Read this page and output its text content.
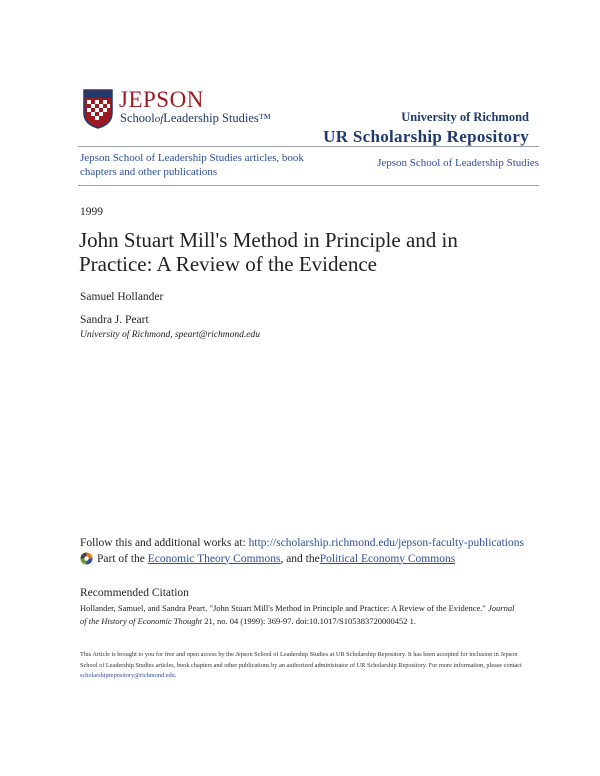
JEPSON
SchoolofLeadership Studies™	University of Richmond
UR Scholarship Repository
Jepson School of Leadership Studies articles, book chapters and other publications
Jepson School of Leadership Studies
1999
John Stuart Mill's Method in Principle and in Practice: A Review of the Evidence
Samuel Hollander
Sandra J. Peart
University of Richmond, speart@richmond.edu
Follow this and additional works at: http://scholarship.richmond.edu/jepson-faculty-publications
Part of the
Economic Theory Commons , and the Political Economy Commons
Recommended Citation
Hollander, Samuel, and Sandra Peart. "John Stuart Mill's Method in Principle and Practice: A Review of the Evidence." Journal of the History of Economic Thought 21, no. 04 (1999): 369-97. doi:10.1017/S105383720000452 1.
This Article is brought to you for free and open access by the Jepson School of Leadership Studies at UR Scholarship Repository. It has been accepted for inclusion in Jepson School of Leadership Studies articles, book chapters and other publications by an authorized administrator of UR Scholarship Repository. For more information, please contact scholarshiprepository@richmond.edu.
